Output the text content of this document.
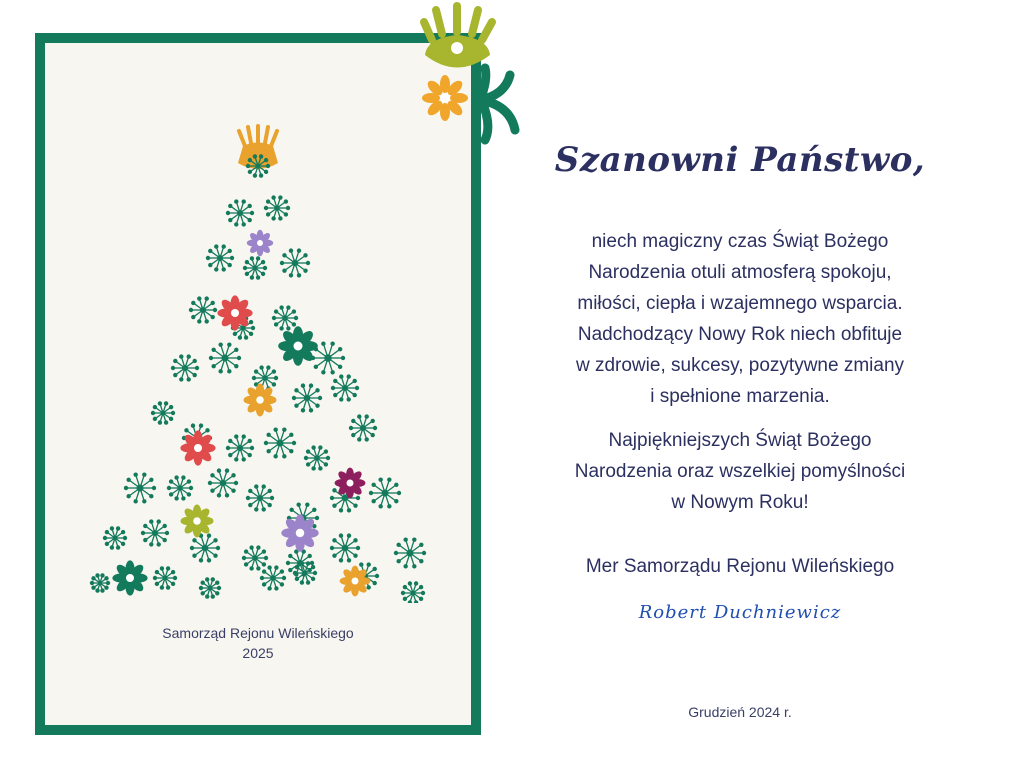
Samorząd Rejonu Wileńskiego
2025
Szanowni Państwo,

niech magiczny czas Świąt Bożego
Narodzenia otuli atmosferą spokoju,
miłości, ciepła i wzajemnego wsparcia.
Nadchodzący Nowy Rok niech obfituje
w zdrowie, sukcesy, pozytywne zmiany
i spełnione marzenia.

Najpiękniejszych Świąt Bożego
Narodzenia oraz wszelkiej pomyślności
w Nowym Roku!

Mer Samorządu Rejonu Wileńskiego
Robert Duchniewicz
Grudzień 2024 r.
